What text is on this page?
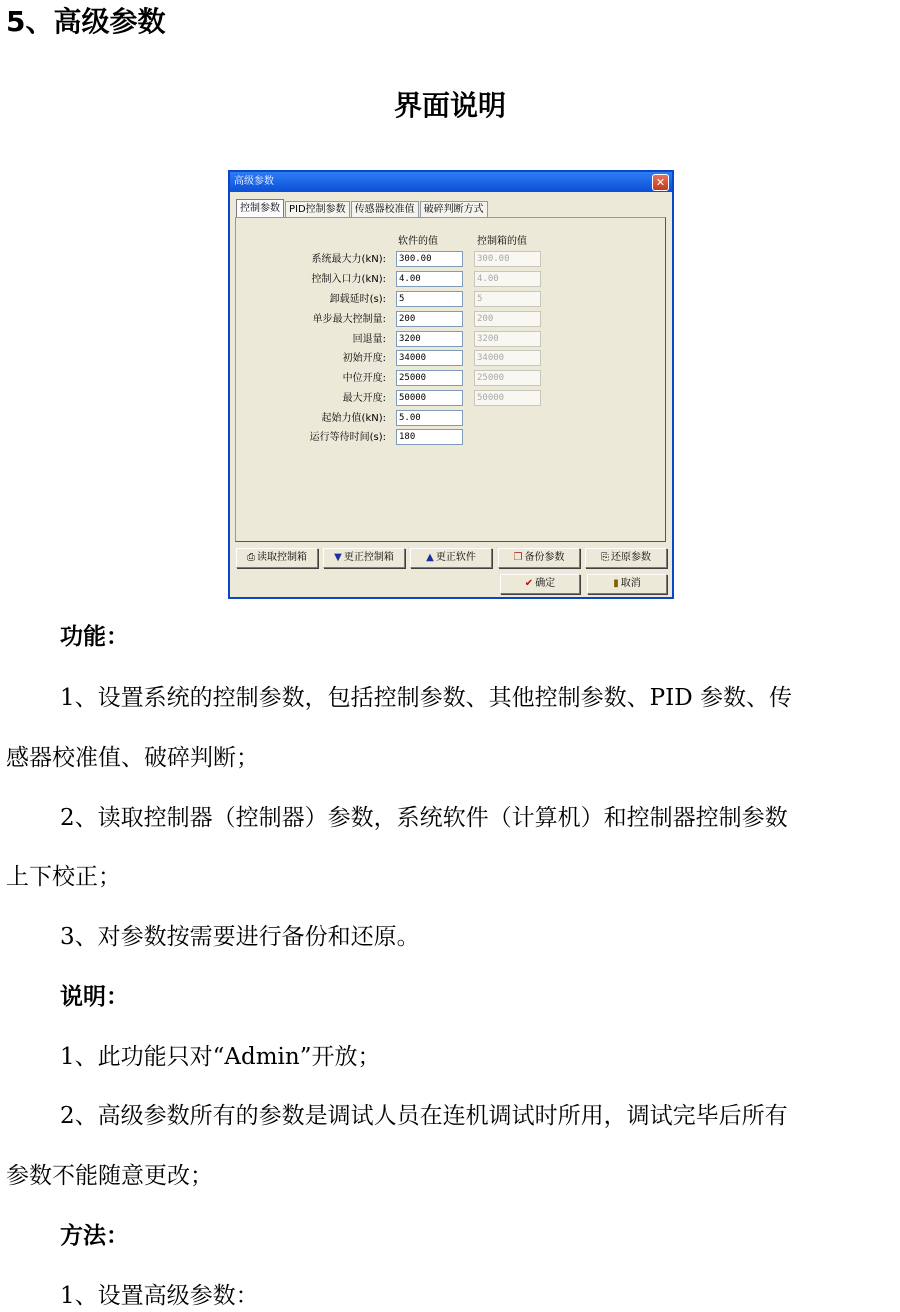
5、高级参数
界面说明
高级参数	✕
控制参数 PID控制参数 传感器校准值 破碎判断方式
软件的值	控制箱的值
系统最大力(kN):	300.00	300.00
控制入口力(kN):	4.00	4.00
卸载延时(s):	5	5
单步最大控制量:	200	200
回退量:	3200	3200
初始开度:	34000	34000
中位开度:	25000	25000
最大开度:	50000	50000
起始力值(kN):	5.00
运行等待时间(s):	180
⎙ 读取控制箱	▼ 更正控制箱	▲ 更正软件	❐ 备份参数	⎘ 还原参数
✔ 确定	▮ 取消

功能：

1、设置系统的控制参数，包括控制参数、其他控制参数、PID 参数、传

感器校准值、破碎判断；

2、读取控制器（控制器）参数，系统软件（计算机）和控制器控制参数

上下校正；

3、对参数按需要进行备份和还原。

说明：

1、此功能只对“Admin”开放；

2、高级参数所有的参数是调试人员在连机调试时所用，调试完毕后所有

参数不能随意更改；

方法：

1、设置高级参数：
